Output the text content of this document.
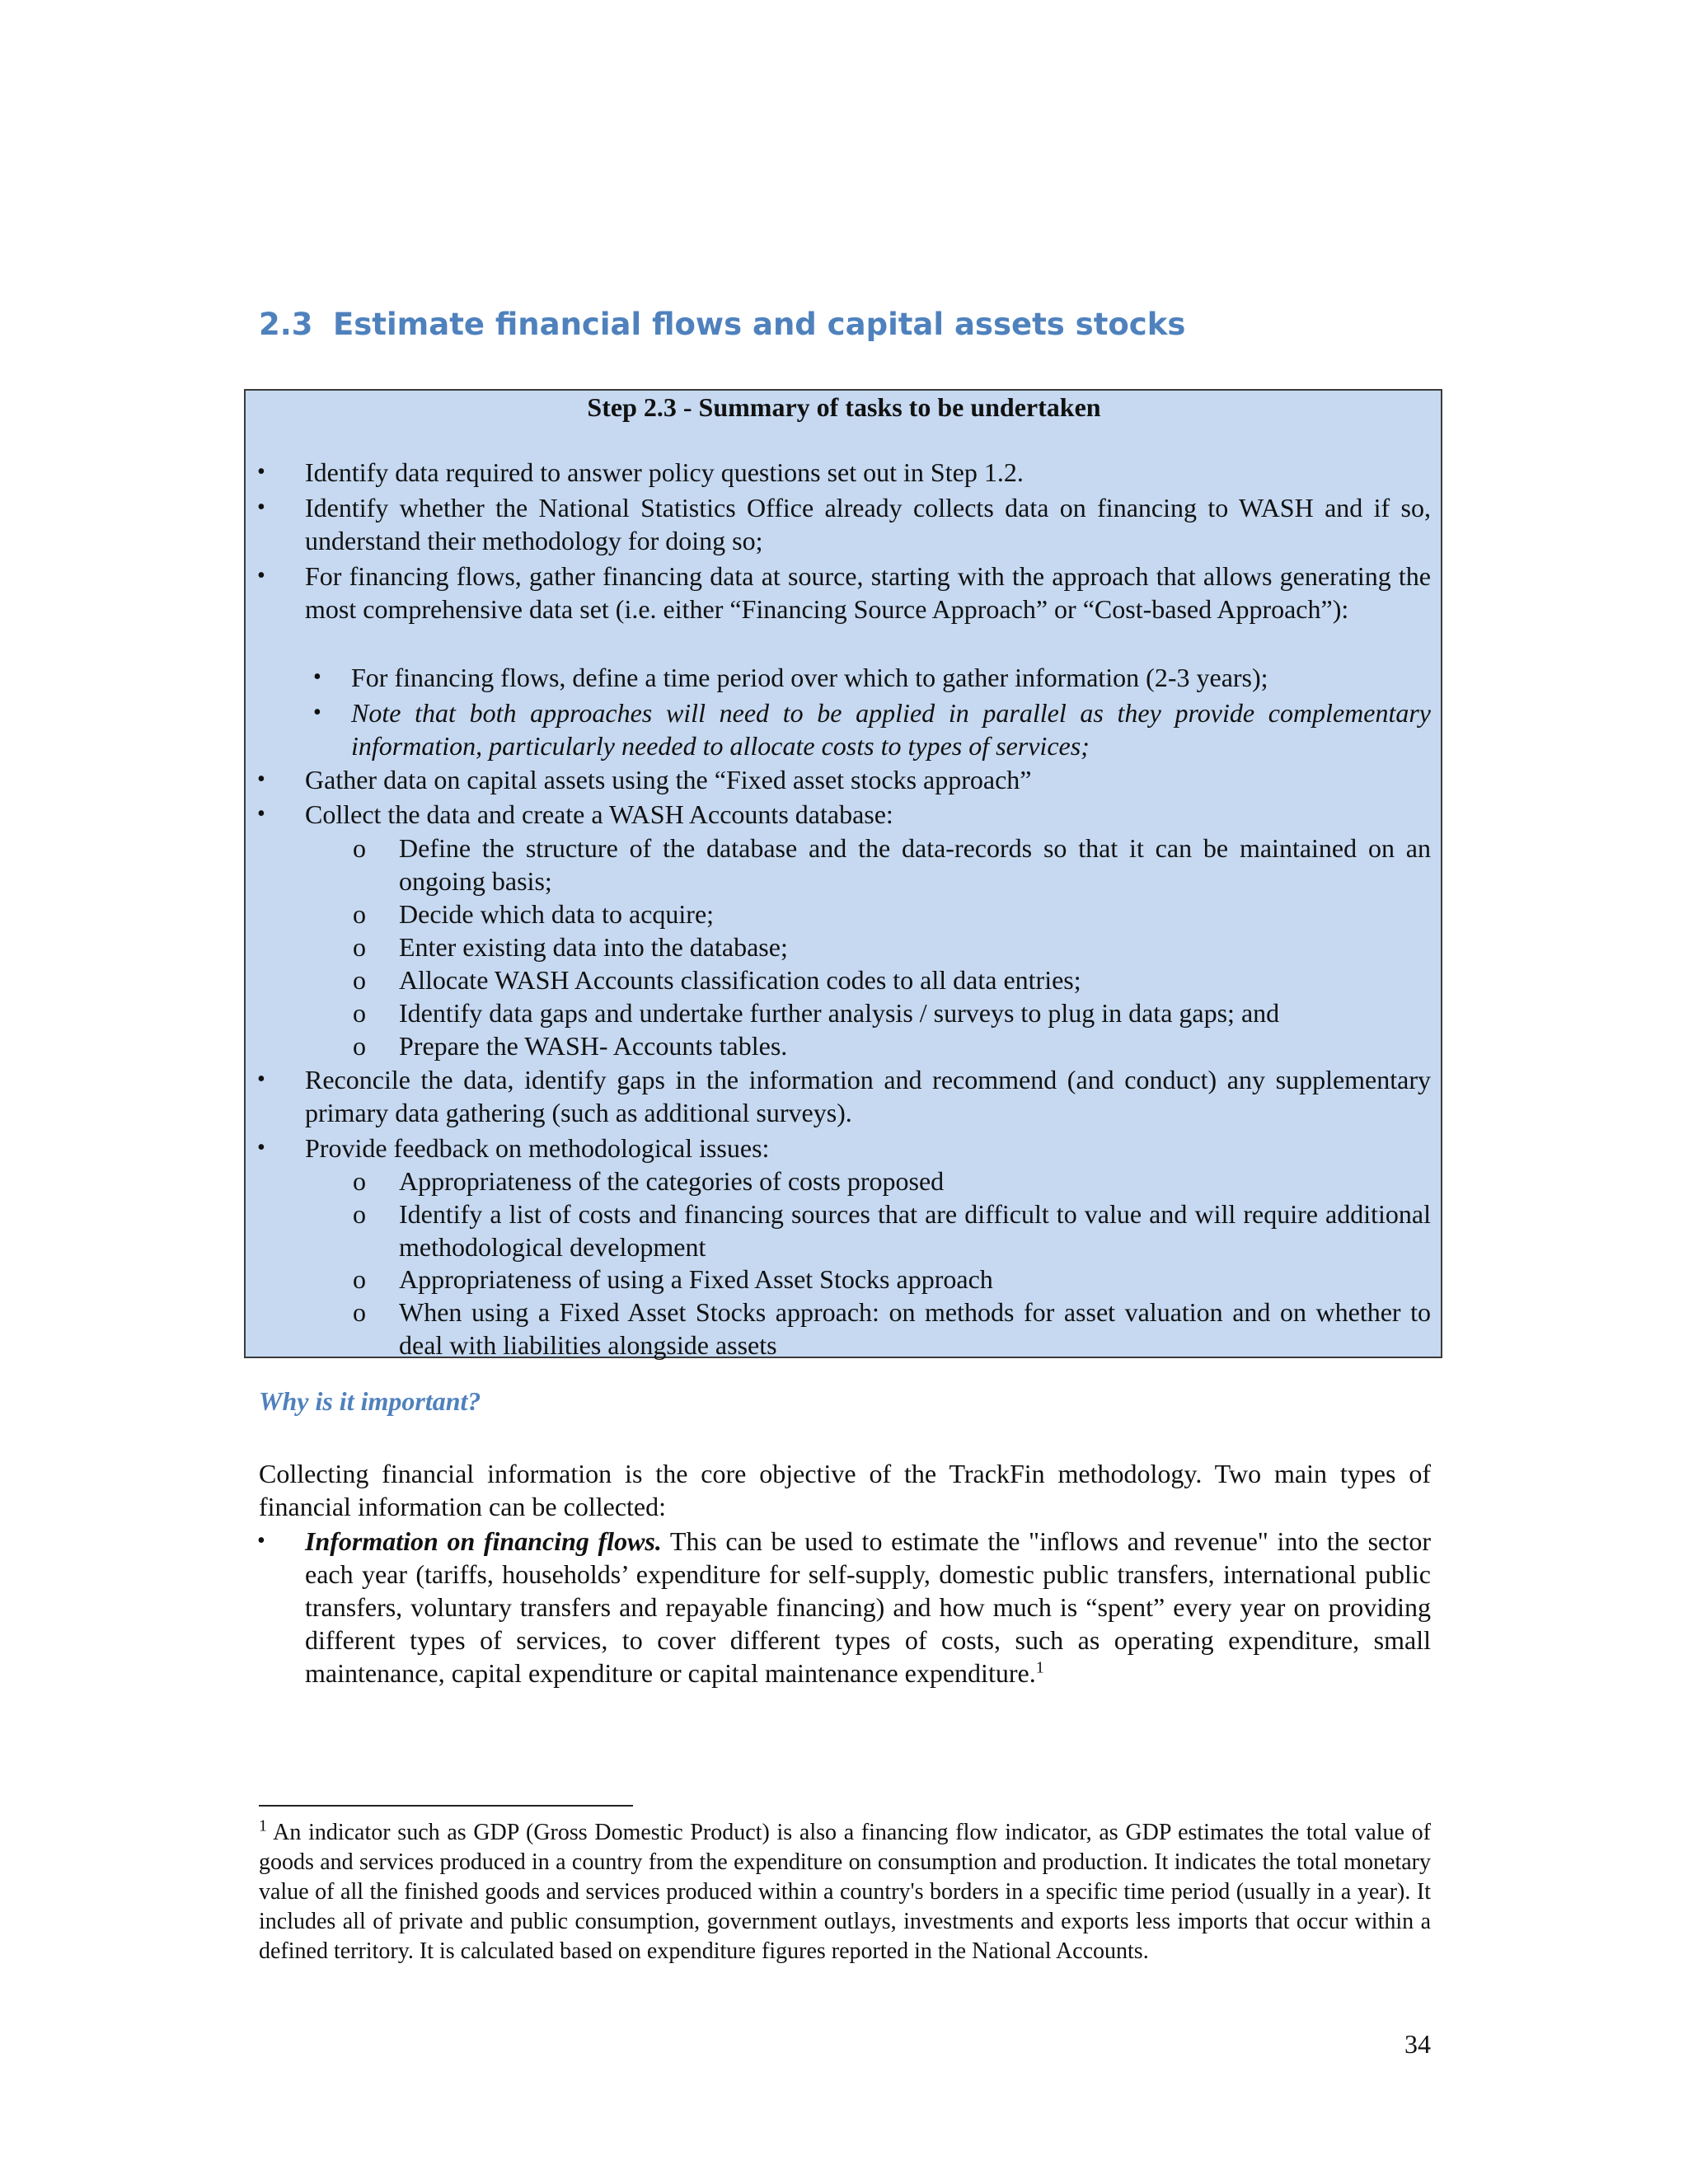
2.3 Estimate financial flows and capital assets stocks
Step 2.3 - Summary of tasks to be undertaken
• Identify data required to answer policy questions set out in Step 1.2.
• Identify whether the National Statistics Office already collects data on financing to WASH and if so, understand their methodology for doing so;
• For financing flows, gather financing data at source, starting with the approach that allows generating the most comprehensive data set (i.e. either “Financing Source Approach” or “Cost-based Approach”):
• For financing flows, define a time period over which to gather information (2-3 years);
• Note that both approaches will need to be applied in parallel as they provide complementary information, particularly needed to allocate costs to types of services;
• Gather data on capital assets using the “Fixed asset stocks approach”
• Collect the data and create a WASH Accounts database:
o Define the structure of the database and the data-records so that it can be maintained on an ongoing basis;
o Decide which data to acquire;
o Enter existing data into the database;
o Allocate WASH Accounts classification codes to all data entries;
o Identify data gaps and undertake further analysis / surveys to plug in data gaps; and
o Prepare the WASH- Accounts tables.
• Reconcile the data, identify gaps in the information and recommend (and conduct) any supplementary primary data gathering (such as additional surveys).
• Provide feedback on methodological issues:
o Appropriateness of the categories of costs proposed
o Identify a list of costs and financing sources that are difficult to value and will require additional methodological development
o Appropriateness of using a Fixed Asset Stocks approach
o When using a Fixed Asset Stocks approach: on methods for asset valuation and on whether to deal with liabilities alongside assets
Why is it important?
Collecting financial information is the core objective of the TrackFin methodology. Two main types of financial information can be collected:
• Information on financing flows. This can be used to estimate the "inflows and revenue" into the sector each year (tariffs, households’ expenditure for self-supply, domestic public transfers, international public transfers, voluntary transfers and repayable financing) and how much is “spent” every year on providing different types of services, to cover different types of costs, such as operating expenditure, small maintenance, capital expenditure or capital maintenance expenditure.$^1$
$^1$ An indicator such as GDP (Gross Domestic Product) is also a financing flow indicator, as GDP estimates the total value of goods and services produced in a country from the expenditure on consumption and production. It indicates the total monetary value of all the finished goods and services produced within a country's borders in a specific time period (usually in a year). It includes all of private and public consumption, government outlays, investments and exports less imports that occur within a defined territory. It is calculated based on expenditure figures reported in the National Accounts.
34
